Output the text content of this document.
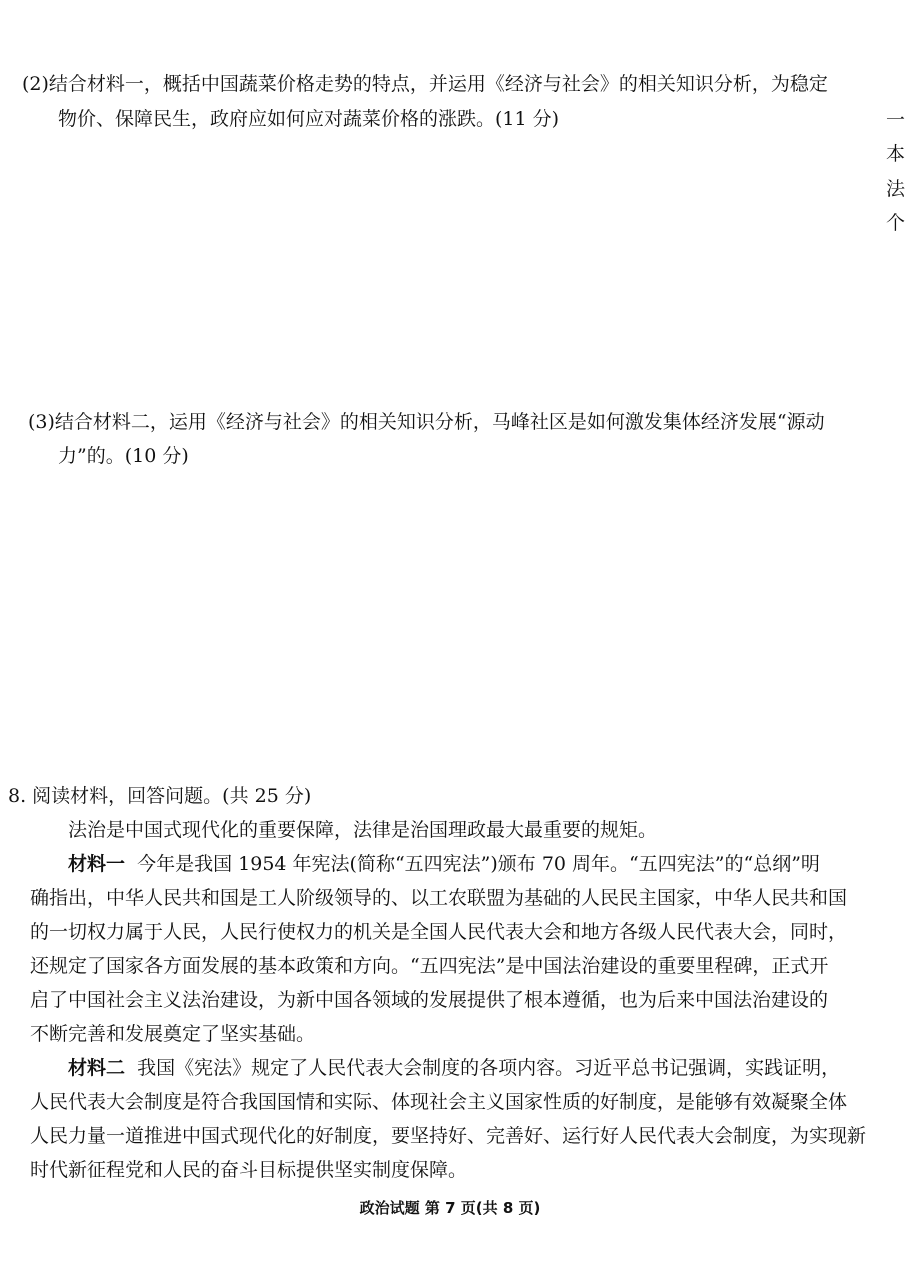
(2)结合材料一，概括中国蔬菜价格走势的特点，并运用《经济与社会》的相关知识分析，为稳定
物价、保障民生，政府应如何应对蔬菜价格的涨跌。(11 分)
(3)结合材料二，运用《经济与社会》的相关知识分析，马峰社区是如何激发集体经济发展“源动
力”的。(10 分)
8. 阅读材料，回答问题。(共 25 分)
法治是中国式现代化的重要保障，法律是治国理政最大最重要的规矩。
材料一 今年是我国 1954 年宪法(简称“五四宪法”)颁布 70 周年。“五四宪法”的“总纲”明
确指出，中华人民共和国是工人阶级领导的、以工农联盟为基础的人民民主国家，中华人民共和国
的一切权力属于人民，人民行使权力的机关是全国人民代表大会和地方各级人民代表大会，同时，
还规定了国家各方面发展的基本政策和方向。“五四宪法”是中国法治建设的重要里程碑，正式开
启了中国社会主义法治建设，为新中国各领域的发展提供了根本遵循，也为后来中国法治建设的
不断完善和发展奠定了坚实基础。
材料二 我国《宪法》规定了人民代表大会制度的各项内容。习近平总书记强调，实践证明，
人民代表大会制度是符合我国国情和实际、体现社会主义国家性质的好制度，是能够有效凝聚全体
人民力量一道推进中国式现代化的好制度，要坚持好、完善好、运行好人民代表大会制度，为实现新
时代新征程党和人民的奋斗目标提供坚实制度保障。
一
本
法
个
政治试题 第 7 页(共 8 页)
